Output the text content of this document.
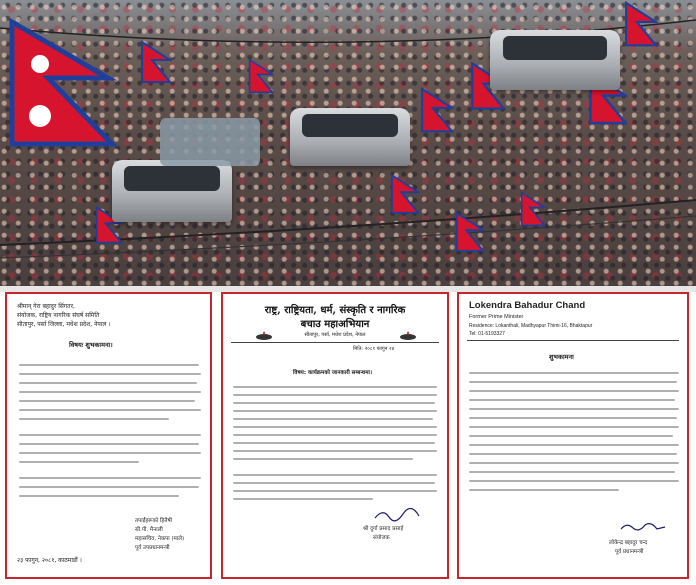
श्रीमान् गेरा बहादुर सिंगतर,
संयोजक, राष्ट्रिय नागरिक संघर्ष समिति
सीतापुर, पर्सा जिल्ला, मधेश प्रदेश, नेपाल ।
विषयः शुभकामना।
तपाईंहरूको हितैषी
सी.पी. मैनाली
महासचिव, नेकपा (माले)
पूर्व उपप्रधानमन्त्री
२३ फागुन, २०८१, काठमाडौं ।
राष्ट्र, राष्ट्रियता, धर्म, संस्कृति र नागरिक
बचाउ महाअभियान
सीतापुर, पर्सा, मधेश प्रदेश, नेपाल
मिति: २०८१ फागुन २४
विषय: कार्यक्रमको जानकारी सम्बन्धमा।
श्री दुर्गा प्रसाद प्रसाई
संयोजक
Lokendra Bahadur Chand
Former Prime Minister
Residence: Lokanthali, Madhyapur Thimi-16, Bhaktapur
Tel: 01-5193327
शुभकामना
लोकेन्द्र बहादुर चन्द
पूर्व प्रधानमन्त्री
